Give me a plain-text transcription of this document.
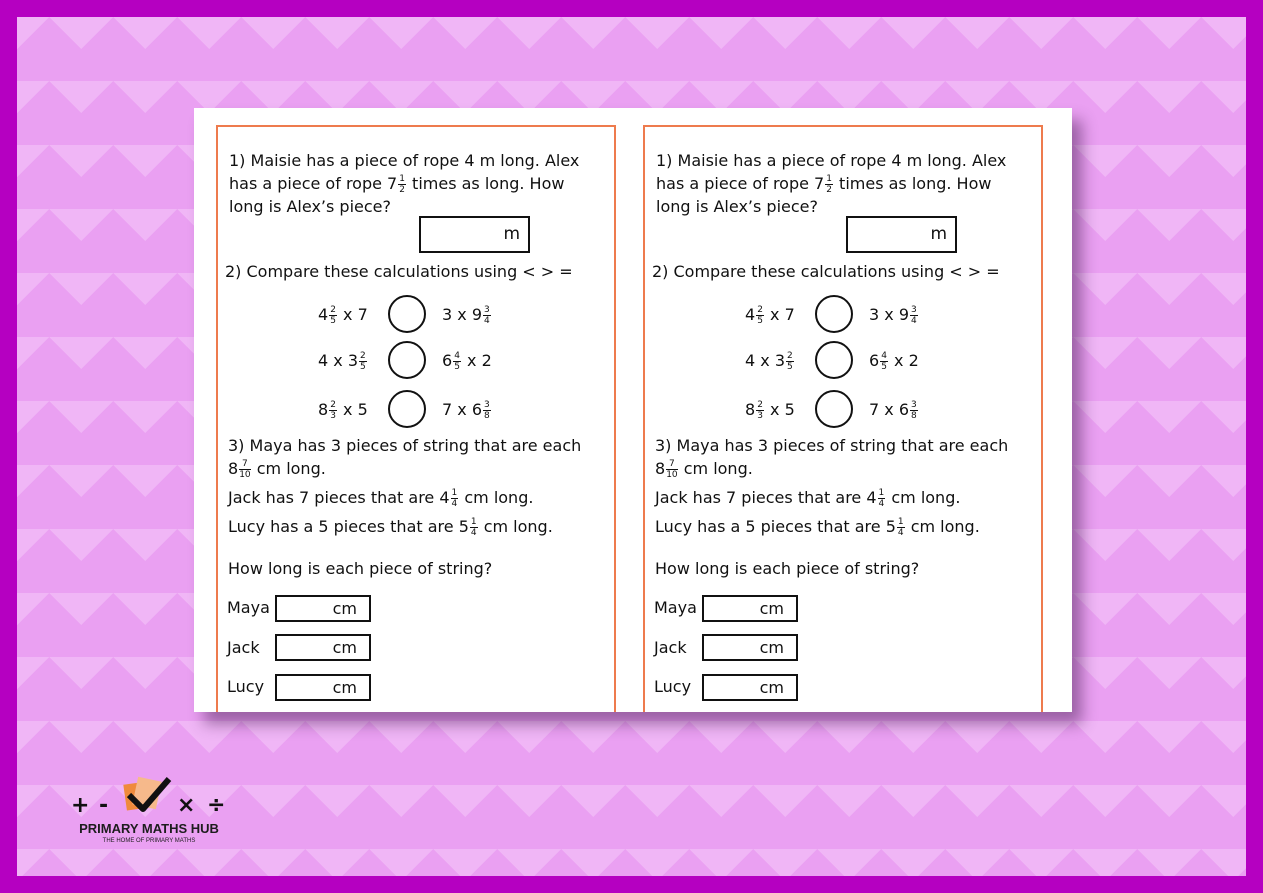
1) Maisie has a piece of rope 4 m long. Alex
has a piece of rope $7 \frac{1}{2}$ times as long. How
long is Alex’s piece?
m
2) Compare these calculations using < > =
$4 \frac{2}{5}$ x 7	3 x $9 \frac{3}{4}$
4 x $3 \frac{2}{5}$	$6 \frac{4}{5}$ x 2
$8 \frac{2}{3}$ x 5	7 x $6 \frac{3}{8}$

3) Maya has 3 pieces of string that are each

$8 \frac{7}{10}$ cm long.

Jack has 7 pieces that are $4 \frac{1}{4}$ cm long.

Lucy has a 5 pieces that are $5 \frac{1}{4}$ cm long.

How long is each piece of string?
Maya	cm
Jack	cm
Lucy	cm
1) Maisie has a piece of rope 4 m long. Alex
has a piece of rope $7 \frac{1}{2}$ times as long. How
long is Alex’s piece?
m
2) Compare these calculations using < > =
$4 \frac{2}{5}$ x 7	3 x $9 \frac{3}{4}$
4 x $3 \frac{2}{5}$	$6 \frac{4}{5}$ x 2
$8 \frac{2}{3}$ x 5	7 x $6 \frac{3}{8}$

3) Maya has 3 pieces of string that are each

$8 \frac{7}{10}$ cm long.

Jack has 7 pieces that are $4 \frac{1}{4}$ cm long.

Lucy has a 5 pieces that are $5 \frac{1}{4}$ cm long.

How long is each piece of string?
Maya	cm
Jack	cm
Lucy	cm
+ -	× ÷
PRIMARY MATHS HUB
THE HOME OF PRIMARY MATHS
